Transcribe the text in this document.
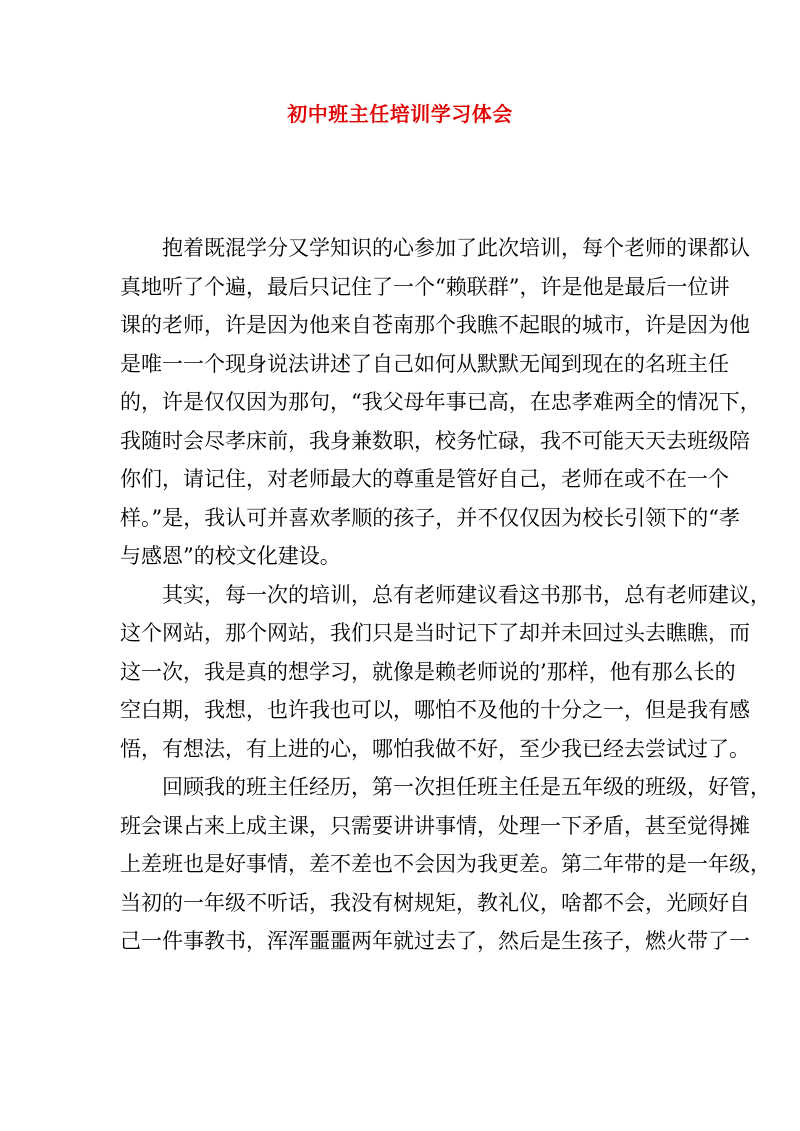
初中班主任培训学习体会
抱着既混学分又学知识的心参加了此次培训，每个老师的课都认
真地听了个遍，最后只记住了一个“赖联群”，许是他是最后一位讲
课的老师，许是因为他来自苍南那个我瞧不起眼的城市，许是因为他
是唯一一个现身说法讲述了自己如何从默默无闻到现在的名班主任
的，许是仅仅因为那句，“我父母年事已高，在忠孝难两全的情况下，
我随时会尽孝床前，我身兼数职，校务忙碌，我不可能天天去班级陪
你们，请记住，对老师最大的尊重是管好自己，老师在或不在一个
样。”是，我认可并喜欢孝顺的孩子，并不仅仅因为校长引领下的“孝
与感恩”的校文化建设。
其实，每一次的培训，总有老师建议看这书那书，总有老师建议，
这个网站，那个网站，我们只是当时记下了却并未回过头去瞧瞧，而
这一次，我是真的想学习，就像是赖老师说的’那样，他有那么长的
空白期，我想，也许我也可以，哪怕不及他的十分之一，但是我有感
悟，有想法，有上进的心，哪怕我做不好，至少我已经去尝试过了。
回顾我的班主任经历，第一次担任班主任是五年级的班级，好管，
班会课占来上成主课，只需要讲讲事情，处理一下矛盾，甚至觉得摊
上差班也是好事情，差不差也不会因为我更差。第二年带的是一年级，
当初的一年级不听话，我没有树规矩，教礼仪，啥都不会，光顾好自
己一件事教书，浑浑噩噩两年就过去了，然后是生孩子，燃火带了一
